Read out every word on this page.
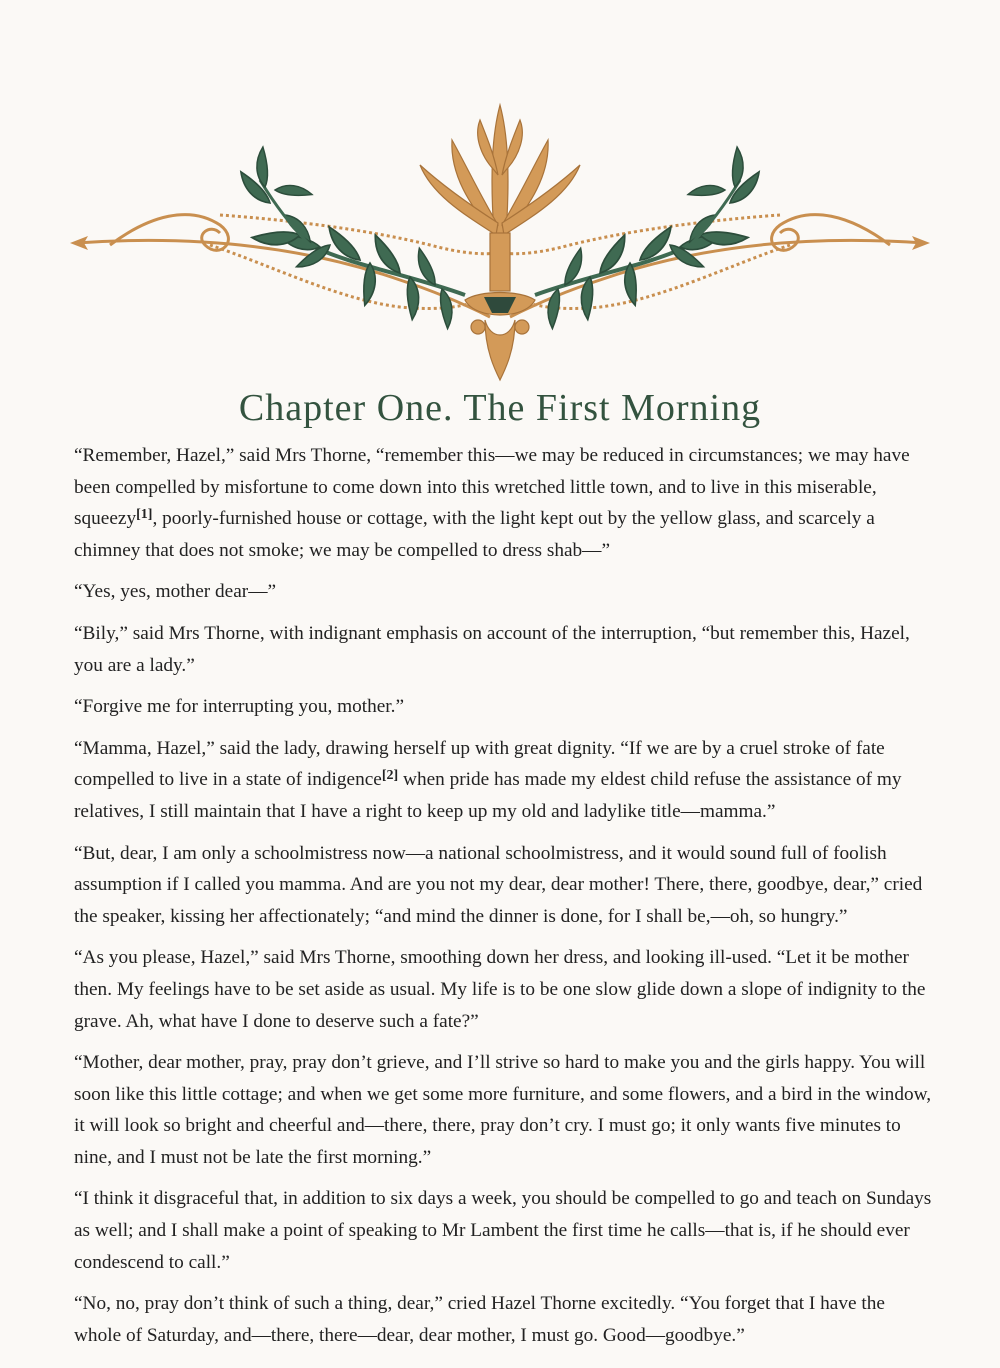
Chapter One. The First Morning

“Remember, Hazel,” said Mrs Thorne, “remember this—we may be reduced in circumstances; we may have been compelled by misfortune to come down into this wretched little town, and to live in this miserable, squeezy[1], poorly-furnished house or cottage, with the light kept out by the yellow glass, and scarcely a chimney that does not smoke; we may be compelled to dress shab—”

“Yes, yes, mother dear—”

“Bily,” said Mrs Thorne, with indignant emphasis on account of the interruption, “but remember this, Hazel, you are a lady.”

“Forgive me for interrupting you, mother.”

“Mamma, Hazel,” said the lady, drawing herself up with great dignity. “If we are by a cruel stroke of fate compelled to live in a state of indigence[2] when pride has made my eldest child refuse the assistance of my relatives, I still maintain that I have a right to keep up my old and ladylike title—mamma.”

“But, dear, I am only a schoolmistress now—a national schoolmistress, and it would sound full of foolish assumption if I called you mamma. And are you not my dear, dear mother! There, there, goodbye, dear,” cried the speaker, kissing her affectionately; “and mind the dinner is done, for I shall be,—oh, so hungry.”

“As you please, Hazel,” said Mrs Thorne, smoothing down her dress, and looking ill-used. “Let it be mother then. My feelings have to be set aside as usual. My life is to be one slow glide down a slope of indignity to the grave. Ah, what have I done to deserve such a fate?”

“Mother, dear mother, pray, pray don’t grieve, and I’ll strive so hard to make you and the girls happy. You will soon like this little cottage; and when we get some more furniture, and some flowers, and a bird in the window, it will look so bright and cheerful and—there, there, pray don’t cry. I must go; it only wants five minutes to nine, and I must not be late the first morning.”

“I think it disgraceful that, in addition to six days a week, you should be compelled to go and teach on Sundays as well; and I shall make a point of speaking to Mr Lambent the first time he calls—that is, if he should ever condescend to call.”

“No, no, pray don’t think of such a thing, dear,” cried Hazel Thorne excitedly. “You forget that I have the whole of Saturday, and—there, there—dear, dear mother, I must go. Good—goodbye.”
